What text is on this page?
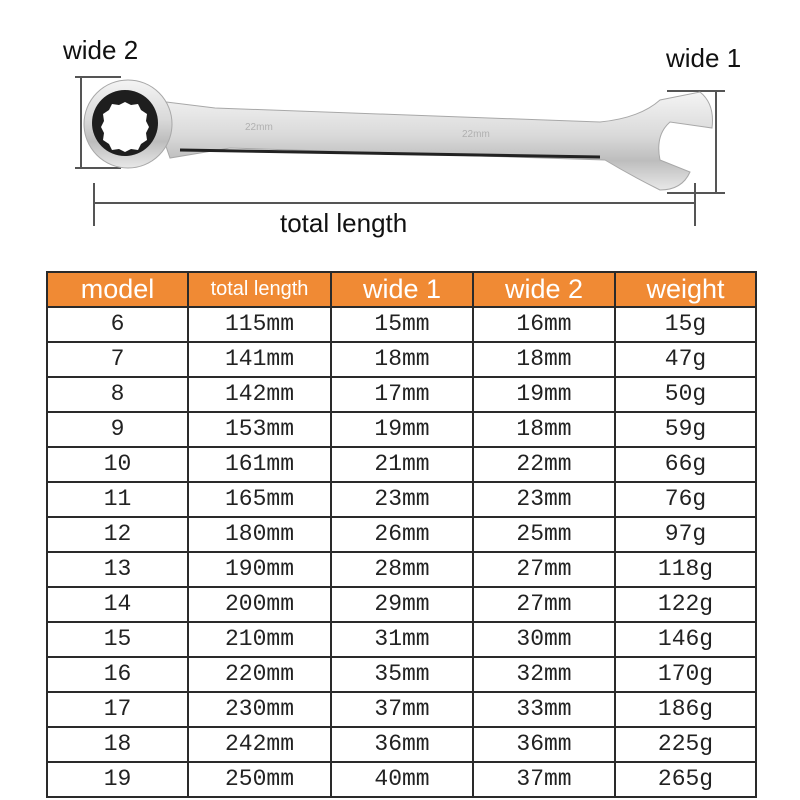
wide 2	wide 1
total length
22mm
22mm
model	total length	wide 1	wide 2	weight
6	115mm	15mm	16mm	15g
7	141mm	18mm	18mm	47g
8	142mm	17mm	19mm	50g
9	153mm	19mm	18mm	59g
10	161mm	21mm	22mm	66g
11	165mm	23mm	23mm	76g
12	180mm	26mm	25mm	97g
13	190mm	28mm	27mm	118g
14	200mm	29mm	27mm	122g
15	210mm	31mm	30mm	146g
16	220mm	35mm	32mm	170g
17	230mm	37mm	33mm	186g
18	242mm	36mm	36mm	225g
19	250mm	40mm	37mm	265g
